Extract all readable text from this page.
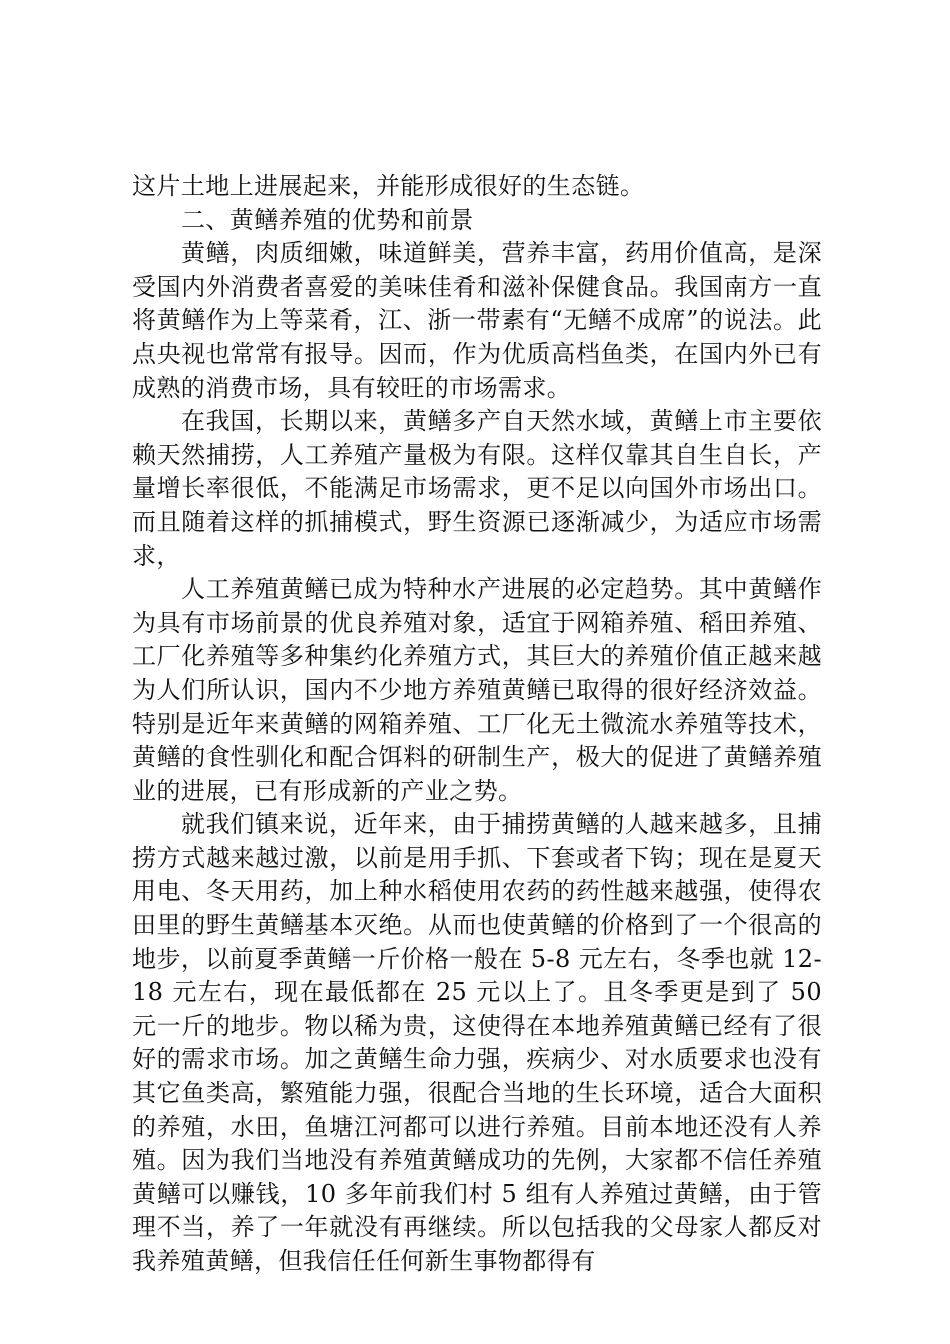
这片土地上进展起来，并能形成很好的生态链。

二、黄鳝养殖的优势和前景

黄鳝，肉质细嫩，味道鲜美，营养丰富，药用价值高，是深受国内外消费者喜爱的美味佳肴和滋补保健食品。我国南方一直将黄鳝作为上等菜肴，江、浙一带素有“无鳝不成席”的说法。此点央视也常常有报导。因而，作为优质高档鱼类，在国内外已有成熟的消费市场，具有较旺的市场需求。

在我国，长期以来，黄鳝多产自天然水域，黄鳝上市主要依赖天然捕捞，人工养殖产量极为有限。这样仅靠其自生自长，产量增长率很低，不能满足市场需求，更不足以向国外市场出口。而且随着这样的抓捕模式，野生资源已逐渐减少，为适应市场需求，

人工养殖黄鳝已成为特种水产进展的必定趋势。其中黄鳝作为具有市场前景的优良养殖对象，适宜于网箱养殖、稻田养殖、工厂化养殖等多种集约化养殖方式，其巨大的养殖价值正越来越为人们所认识，国内不少地方养殖黄鳝已取得的很好经济效益。特别是近年来黄鳝的网箱养殖、工厂化无土微流水养殖等技术，黄鳝的食性驯化和配合饵料的研制生产，极大的促进了黄鳝养殖业的进展，已有形成新的产业之势。

就我们镇来说，近年来，由于捕捞黄鳝的人越来越多，且捕捞方式越来越过激，以前是用手抓、下套或者下钩；现在是夏天用电、冬天用药，加上种水稻使用农药的药性越来越强，使得农田里的野生黄鳝基本灭绝。从而也使黄鳝的价格到了一个很高的地步，以前夏季黄鳝一斤价格一般在 5-8 元左右，冬季也就 12-18 元左右，现在最低都在 25 元以上了。且冬季更是到了 50 元一斤的地步。物以稀为贵，这使得在本地养殖黄鳝已经有了很好的需求市场。加之黄鳝生命力强，疾病少、对水质要求也没有其它鱼类高，繁殖能力强，很配合当地的生长环境，适合大面积的养殖，水田，鱼塘江河都可以进行养殖。目前本地还没有人养殖。因为我们当地没有养殖黄鳝成功的先例，大家都不信任养殖黄鳝可以赚钱，10 多年前我们村 5 组有人养殖过黄鳝，由于管理不当，养了一年就没有再继续。所以包括我的父母家人都反对我养殖黄鳝，但我信任任何新生事物都得有
